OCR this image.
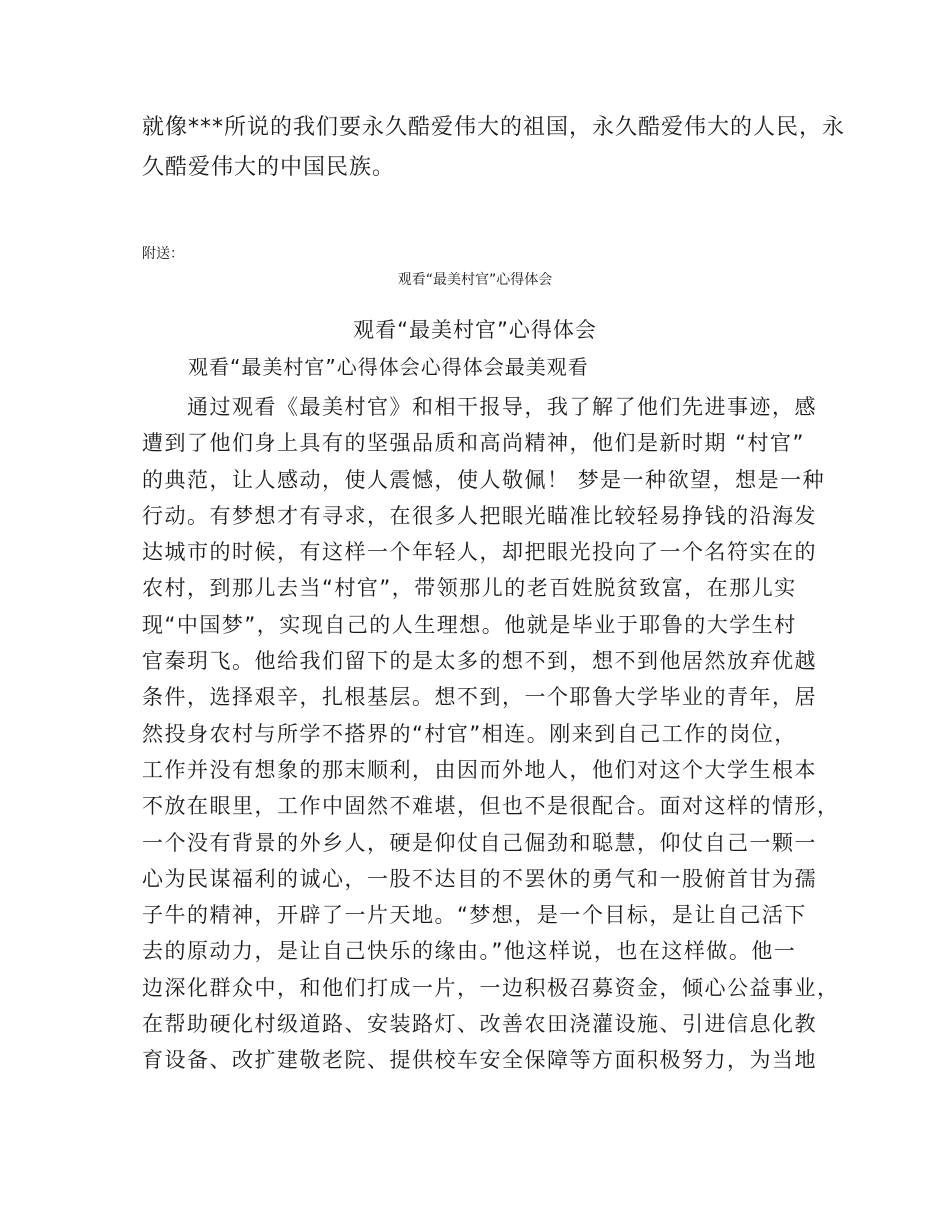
就像***所说的我们要永久酷爱伟大的祖国，永久酷爱伟大的人民，永
久酷爱伟大的中国民族。
附送：
观看“最美村官”心得体会
观看“最美村官”心得体会
观看“最美村官”心得体会心得体会最美观看
　　通过观看《最美村官》和相干报导，我了解了他们先进事迹，感
遭到了他们身上具有的坚强品质和高尚精神，他们是新时期 “村官”
的典范，让人感动，使人震憾，使人敬佩！ 梦是一种欲望，想是一种
行动。有梦想才有寻求，在很多人把眼光瞄准比较轻易挣钱的沿海发
达城市的时候，有这样一个年轻人，却把眼光投向了一个名符实在的
农村，到那儿去当“村官”，带领那儿的老百姓脱贫致富，在那儿实
现“中国梦”，实现自己的人生理想。他就是毕业于耶鲁的大学生村
官秦玥飞。他给我们留下的是太多的想不到，想不到他居然放弃优越
条件，选择艰辛，扎根基层。想不到，一个耶鲁大学毕业的青年，居
然投身农村与所学不搭界的“村官”相连。刚来到自己工作的岗位，
工作并没有想象的那末顺利，由因而外地人，他们对这个大学生根本
不放在眼里，工作中固然不难堪，但也不是很配合。面对这样的情形，
一个没有背景的外乡人，硬是仰仗自己倔劲和聪慧，仰仗自己一颗一
心为民谋福利的诚心，一股不达目的不罢休的勇气和一股俯首甘为孺
子牛的精神，开辟了一片天地。“梦想，是一个目标，是让自己活下
去的原动力，是让自己快乐的缘由。”他这样说，也在这样做。他一
边深化群众中，和他们打成一片，一边积极召募资金，倾心公益事业，
在帮助硬化村级道路、安装路灯、改善农田浇灌设施、引进信息化教
育设备、改扩建敬老院、提供校车安全保障等方面积极努力，为当地
